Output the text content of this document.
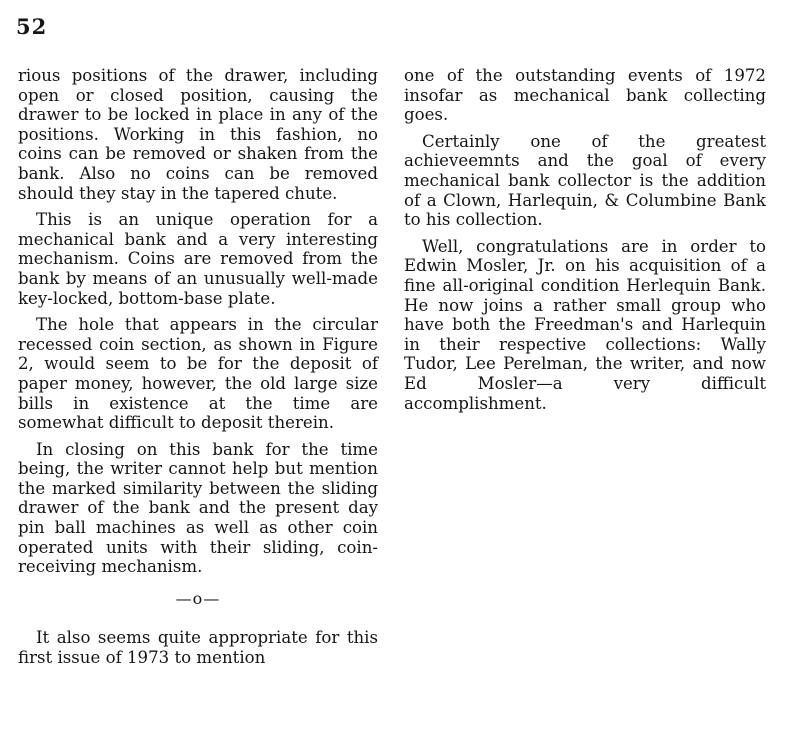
52

rious positions of the drawer, including open or closed position, causing the drawer to be locked in place in any of the positions. Working in this fashion, no coins can be removed or shaken from the bank. Also no coins can be removed should they stay in the tapered chute.

This is an unique operation for a mechanical bank and a very interesting mechanism. Coins are removed from the bank by means of an unusually well-made key-locked, bottom-base plate.

The hole that appears in the circular recessed coin section, as shown in Figure 2, would seem to be for the deposit of paper money, however, the old large size bills in existence at the time are somewhat difficult to deposit therein.

In closing on this bank for the time being, the writer cannot help but mention the marked similarity between the sliding drawer of the bank and the present day pin ball machines as well as other coin operated units with their sliding, coin-receiving mechanism.

—o—

It also seems quite appropriate for this first issue of 1973 to mention

one of the outstanding events of 1972 insofar as mechanical bank collecting goes.

Certainly one of the greatest achieveemnts and the goal of every mechanical bank collector is the addition of a Clown, Harlequin, & Columbine Bank to his collection.

Well, congratulations are in order to Edwin Mosler, Jr. on his acquisition of a fine all-original condition Herlequin Bank. He now joins a rather small group who have both the Freedman's and Harlequin in their respective collections: Wally Tudor, Lee Perelman, the writer, and now Ed Mosler—a very difficult accomplishment.
